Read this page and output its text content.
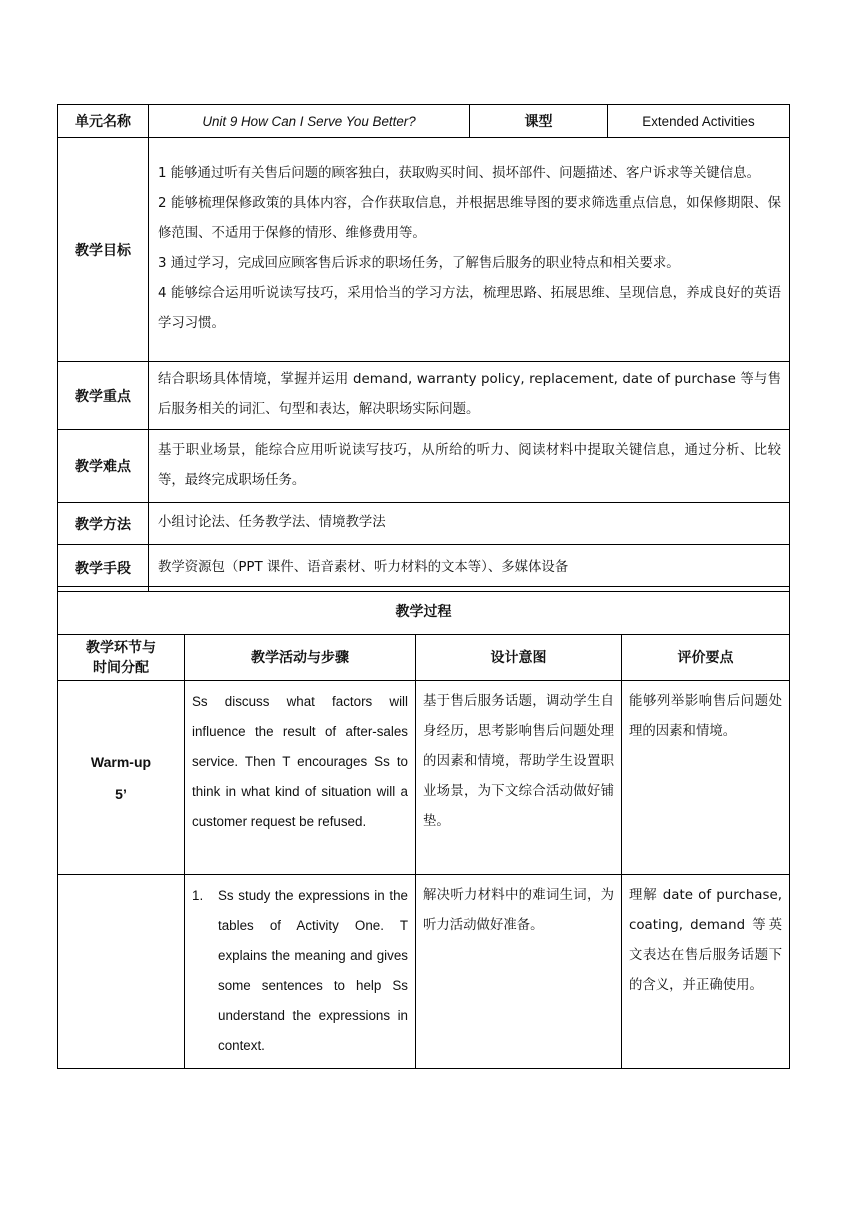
单元名称	Unit 9 How Can I Serve You Better?	课型	Extended Activities
教学目标	1 能够通过听有关售后问题的顾客独白，获取购买时间、损坏部件、问题描述、客户诉求等关键信息。
2 能够梳理保修政策的具体内容，合作获取信息，并根据思维导图的要求筛选重点信息，如保修期限、保修范围、不适用于保修的情形、维修费用等。
3 通过学习，完成回应顾客售后诉求的职场任务，了解售后服务的职业特点和相关要求。
4 能够综合运用听说读写技巧，采用恰当的学习方法，梳理思路、拓展思维、呈现信息，养成良好的英语学习习惯。		

教学重点	结合职场具体情境，掌握并运用 demand, warranty policy, replacement, date of purchase 等与售后服务相关的词汇、句型和表达，解决职场实际问题。		
教学难点	基于职业场景，能综合应用听说读写技巧，从所给的听力、阅读材料中提取关键信息，通过分析、比较等，最终完成职场任务。		
教学方法	小组讨论法、任务教学法、情境教学法		
教学手段	教学资源包（PPT 课件、语音素材、听力材料的文本等）、多媒体设备		
教学过程			

教学环节与
时间分配	教学活动与步骤	设计意图	评价要点

Warm-up
5’	Ss discuss what factors will influence the result of after-sales service. Then T encourages Ss to think in what kind of situation will a customer request be refused.	基于售后服务话题，调动学生自身经历，思考影响售后问题处理的因素和情境，帮助学生设置职业场景，为下文综合活动做好铺垫。	能够列举影响售后问题处理的因素和情境。

	1. Ss study the expressions in the tables of Activity One. T explains the meaning and gives some sentences to help Ss understand the expressions in context.	解决听力材料中的难词生词，为听力活动做好准备。	理解 date of purchase, coating, demand 等英文表达在售后服务话题下的含义，并正确使用。
